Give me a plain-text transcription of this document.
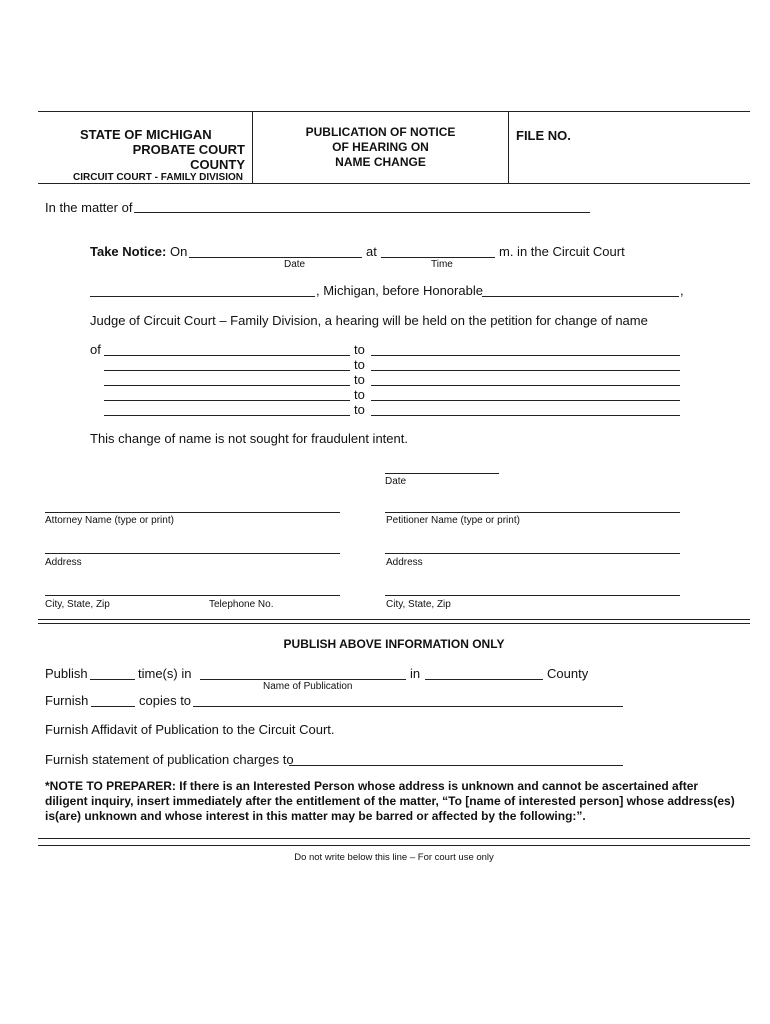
STATE OF MICHIGAN
PROBATE COURT
COUNTY
CIRCUIT COURT - FAMILY DIVISION
PUBLICATION OF NOTICE
OF HEARING ON
NAME CHANGE
FILE NO.
In the matter of
Take Notice: On	at	m. in the Circuit Court
Date	Time
, Michigan, before Honorable	,
Judge of Circuit Court – Family Division, a hearing will be held on the petition for change of name
of	to
to
to
to
to
This change of name is not sought for fraudulent intent.
Date
Attorney Name (type or print)	Petitioner Name (type or print)
Address	Address
City, State, Zip	Telephone No.	City, State, Zip
PUBLISH ABOVE INFORMATION ONLY
Publish	time(s) in	in	County
Name of Publication
Furnish	copies to
Furnish Affidavit of Publication to the Circuit Court.
Furnish statement of publication charges to
*NOTE TO PREPARER: If there is an Interested Person whose address is unknown and cannot be ascertained after diligent inquiry, insert immediately after the entitlement of the matter, “To [name of interested person] whose address(es) is(are) unknown and whose interest in this matter may be barred or affected by the following:”.
Do not write below this line – For court use only
